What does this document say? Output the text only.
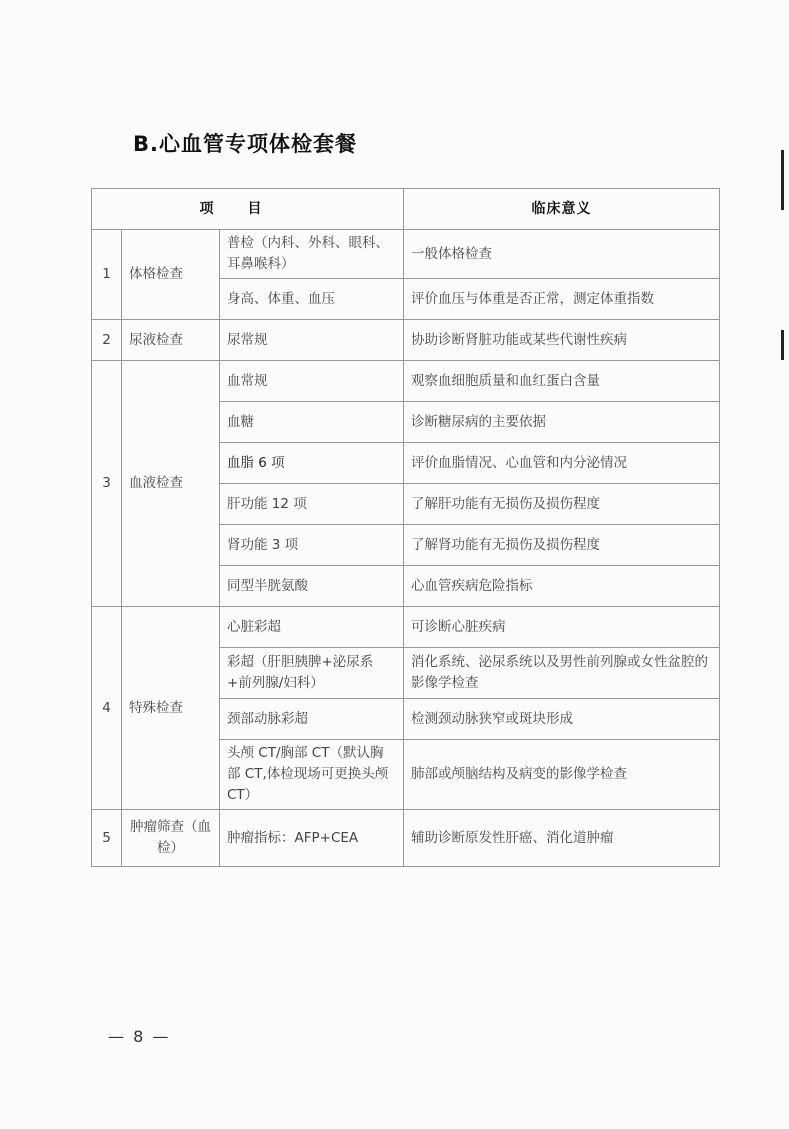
B.心血管专项体检套餐
项目			临床意义
1	体格检查	普检（内科、外科、眼科、耳鼻喉科）	一般体格检查
		身高、体重、血压	评价血压与体重是否正常，测定体重指数
2	尿液检查	尿常规	协助诊断肾脏功能或某些代谢性疾病
3	血液检查	血常规	观察血细胞质量和血红蛋白含量
		血糖	诊断糖尿病的主要依据
		血脂 6 项	评价血脂情况、心血管和内分泌情况
		肝功能 12 项	了解肝功能有无损伤及损伤程度
		肾功能 3 项	了解肾功能有无损伤及损伤程度
		同型半胱氨酸	心血管疾病危险指标
4	特殊检查	心脏彩超	可诊断心脏疾病
		彩超（肝胆胰脾+泌尿系+前列腺/妇科）	消化系统、泌尿系统以及男性前列腺或女性盆腔的影像学检查
		颈部动脉彩超	检测颈动脉狭窄或斑块形成
		头颅 CT/胸部 CT（默认胸部 CT,体检现场可更换头颅 CT）	肺部或颅脑结构及病变的影像学检查
5	肿瘤筛查（血检）	肿瘤指标：AFP+CEA	辅助诊断原发性肝癌、消化道肿瘤
— 8 —
